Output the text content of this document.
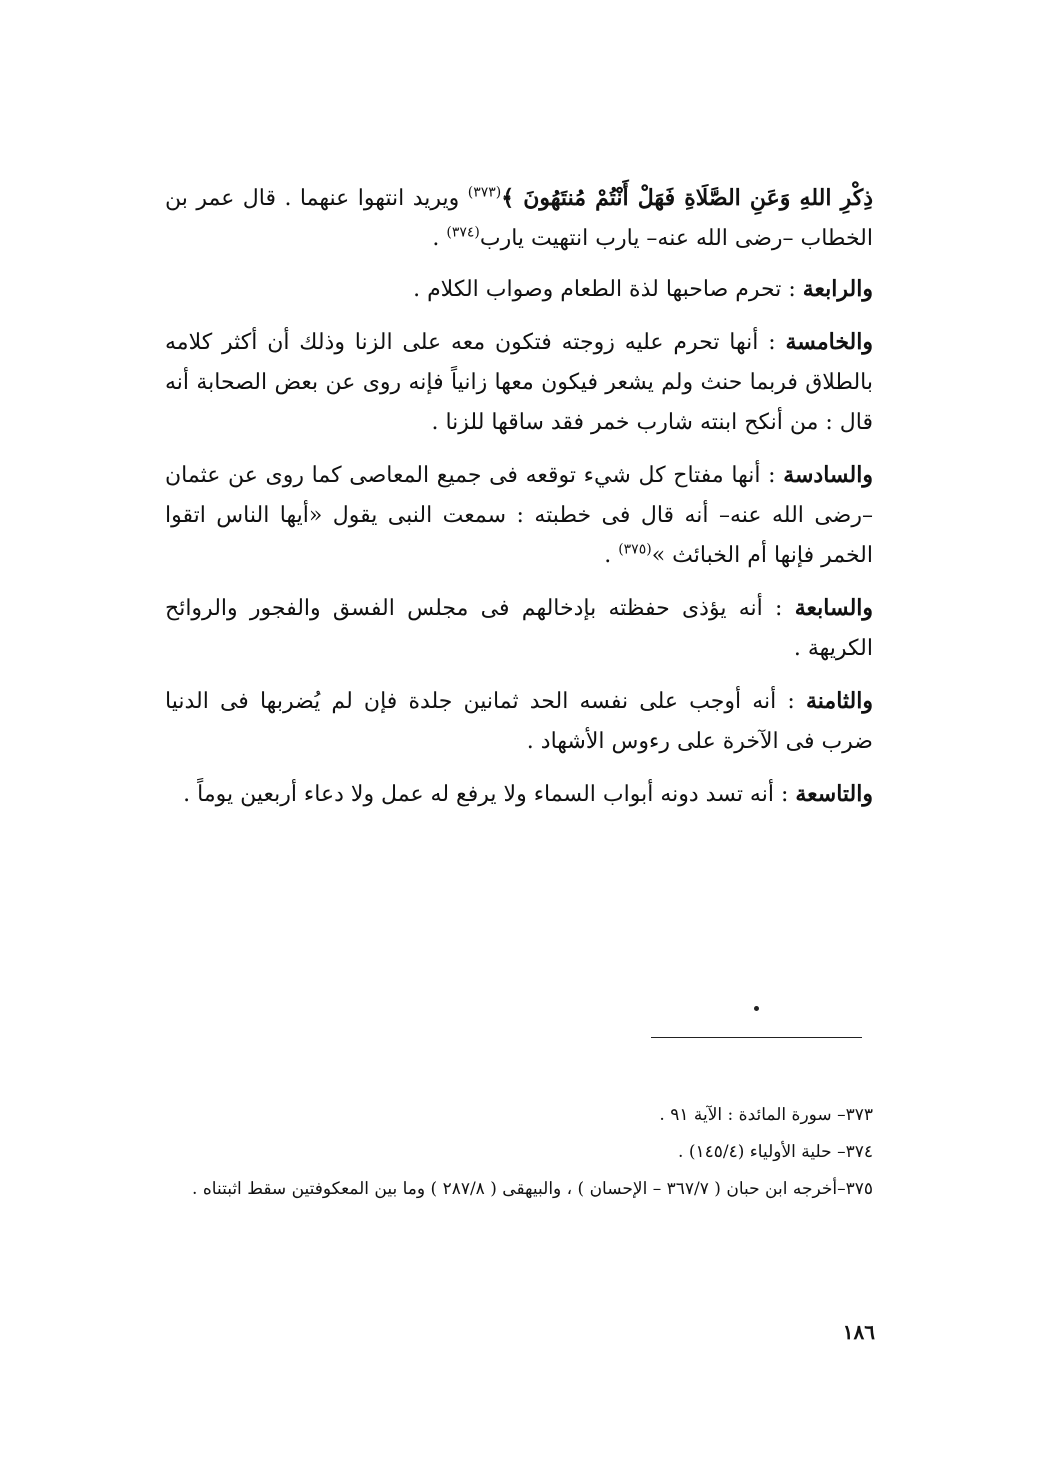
ذِكْرِ اللهِ وَعَنِ الصَّلَاةِ فَهَلْ أَنْتُمْ مُنتَهُونَ ﴾$^{(٣٧٣)}$ ويريد انتهوا عنهما . قال عمر بن الخطاب –رضى الله عنه– يارب انتهيت يارب$^{(٣٧٤)}$ .

والرابعة : تحرم صاحبها لذة الطعام وصواب الكلام .

والخامسة : أنها تحرم عليه زوجته فتكون معه على الزنا وذلك أن أكثر كلامه بالطلاق فربما حنث ولم يشعر فيكون معها زانياً فإنه روى عن بعض الصحابة أنه قال : من أنكح ابنته شارب خمر فقد ساقها للزنا .

والسادسة : أنها مفتاح كل شيء توقعه فى جميع المعاصى كما روى عن عثمان –رضى الله عنه– أنه قال فى خطبته : سمعت النبى يقول «أيها الناس اتقوا الخمر فإنها أم الخبائث »$^{(٣٧٥)}$ .

والسابعة : أنه يؤذى حفظته بإدخالهم فى مجلس الفسق والفجور والروائح الكريهة .

والثامنة : أنه أوجب على نفسه الحد ثمانين جلدة فإن لم يُضربها فى الدنيا ضرب فى الآخرة على رءوس الأشهاد .

والتاسعة : أنه تسد دونه أبواب السماء ولا يرفع له عمل ولا دعاء أربعين يوماً .

٣٧٣– سورة المائدة : الآية ٩١ .

٣٧٤– حلية الأولياء (١٤٥/٤) .

٣٧٥–أخرجه ابن حبان ( ٣٦٧/٧ – الإحسان ) ، والبيهقى ( ٢٨٧/٨ ) وما بين المعكوفتين سقط اثبتناه .

١٨٦
